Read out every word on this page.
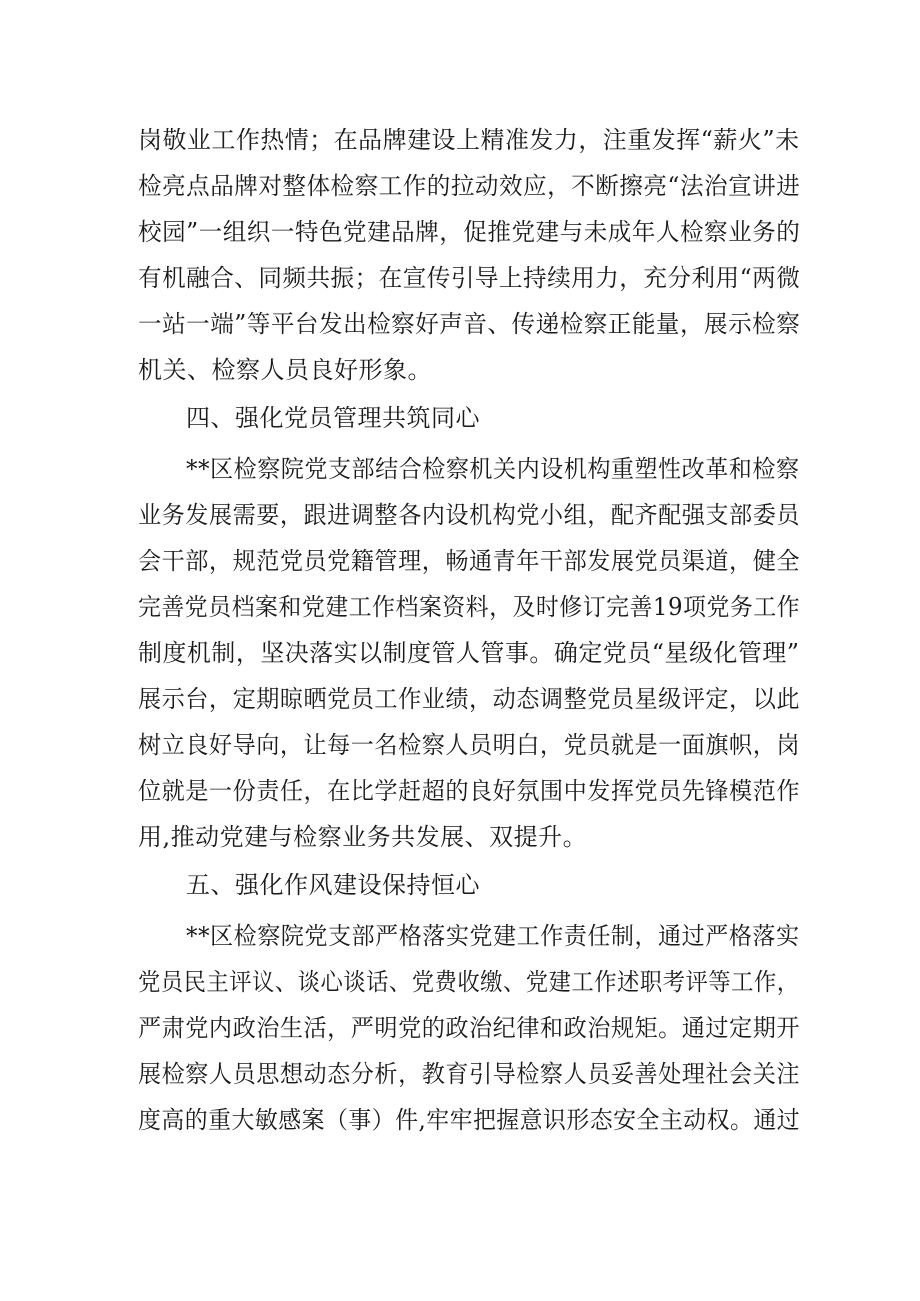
岗敬业工作热情；在品牌建设上精准发力，注重发挥“薪火”未
检亮点品牌对整体检察工作的拉动效应，不断擦亮“法治宣讲进
校园”一组织一特色党建品牌，促推党建与未成年人检察业务的
有机融合、同频共振；在宣传引导上持续用力，充分利用“两微
一站一端”等平台发出检察好声音、传递检察正能量，展示检察
机关、检察人员良好形象。
四、强化党员管理共筑同心
**区检察院党支部结合检察机关内设机构重塑性改革和检察
业务发展需要，跟进调整各内设机构党小组，配齐配强支部委员
会干部，规范党员党籍管理，畅通青年干部发展党员渠道，健全
完善党员档案和党建工作档案资料，及时修订完善19项党务工作
制度机制，坚决落实以制度管人管事。确定党员“星级化管理”
展示台，定期晾晒党员工作业绩，动态调整党员星级评定，以此
树立良好导向，让每一名检察人员明白，党员就是一面旗帜，岗
位就是一份责任，在比学赶超的良好氛围中发挥党员先锋模范作
用,推动党建与检察业务共发展、双提升。
五、强化作风建设保持恒心
**区检察院党支部严格落实党建工作责任制，通过严格落实
党员民主评议、谈心谈话、党费收缴、党建工作述职考评等工作，
严肃党内政治生活，严明党的政治纪律和政治规矩。通过定期开
展检察人员思想动态分析，教育引导检察人员妥善处理社会关注
度高的重大敏感案（事）件,牢牢把握意识形态安全主动权。通过
